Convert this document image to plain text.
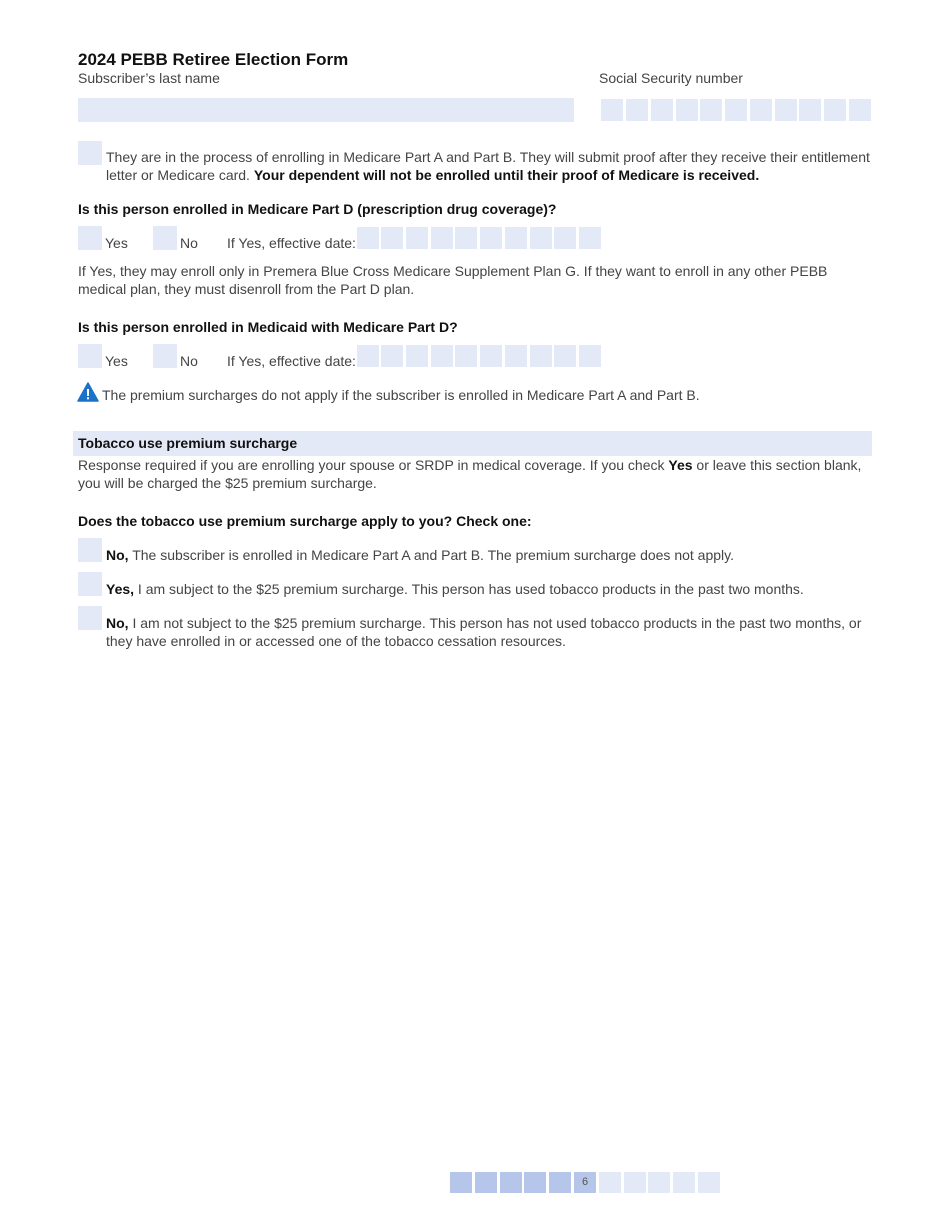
2024 PEBB Retiree Election Form
Subscriber’s last name	Social Security number
They are in the process of enrolling in Medicare Part A and Part B. They will submit proof after they receive their entitlement letter or Medicare card. Your dependent will not be enrolled until their proof of Medicare is received.
Is this person enrolled in Medicare Part D (prescription drug coverage)?
Yes	No If Yes, effective date:
If Yes, they may enroll only in Premera Blue Cross Medicare Supplement Plan G. If they want to enroll in any other PEBB medical plan, they must disenroll from the Part D plan.
Is this person enrolled in Medicaid with Medicare Part D?
Yes	No If Yes, effective date:
The premium surcharges do not apply if the subscriber is enrolled in Medicare Part A and Part B.
Tobacco use premium surcharge
Response required if you are enrolling your spouse or SRDP in medical coverage. If you check Yes or leave this section blank, you will be charged the $25 premium surcharge.
Does the tobacco use premium surcharge apply to you? Check one:
No, The subscriber is enrolled in Medicare Part A and Part B. The premium surcharge does not apply.
Yes, I am subject to the $25 premium surcharge. This person has used tobacco products in the past two months.
No, I am not subject to the $25 premium surcharge. This person has not used tobacco products in the past two months, or they have enrolled in or accessed one of the tobacco cessation resources.
6
